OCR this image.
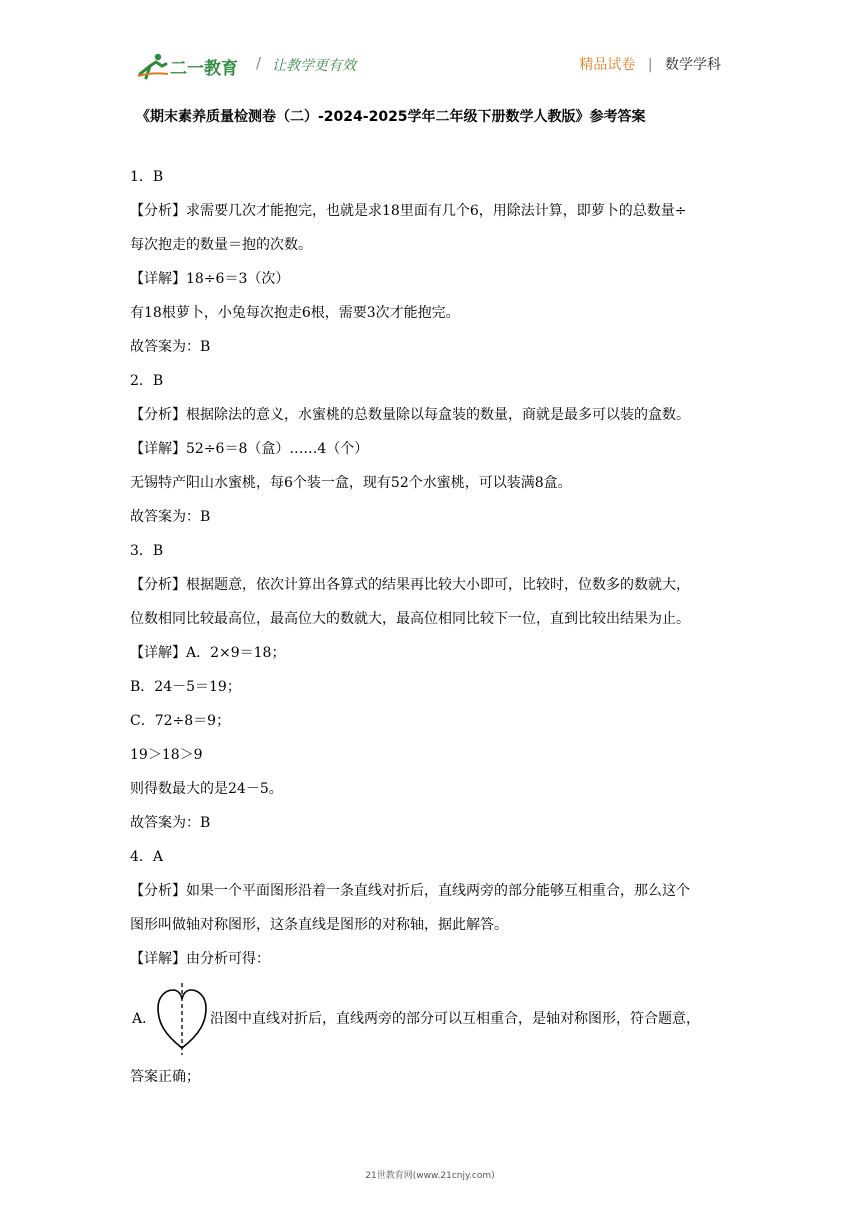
二一教育 / 让教学更有效	精品试卷 | 数学学科
《期末素养质量检测卷（二）-2024-2025学年二年级下册数学人教版》参考答案
1．B
【分析】求需要几次才能抱完，也就是求18里面有几个6，用除法计算，即萝卜的总数量÷
每次抱走的数量＝抱的次数。
【详解】18÷6＝3（次）
有18根萝卜，小兔每次抱走6根，需要3次才能抱完。
故答案为：B
2．B
【分析】根据除法的意义，水蜜桃的总数量除以每盒装的数量，商就是最多可以装的盒数。
【详解】52÷6＝8（盒）……4（个）
无锡特产阳山水蜜桃，每6个装一盒，现有52个水蜜桃，可以装满8盒。
故答案为：B
3．B
【分析】根据题意，依次计算出各算式的结果再比较大小即可，比较时，位数多的数就大，
位数相同比较最高位，最高位大的数就大，最高位相同比较下一位，直到比较出结果为止。
【详解】A．2×9＝18；
B．24－5＝19；
C．72÷8＝9；
19＞18＞9
则得数最大的是24－5。
故答案为：B
4．A
【分析】如果一个平面图形沿着一条直线对折后，直线两旁的部分能够互相重合，那么这个
图形叫做轴对称图形，这条直线是图形的对称轴，据此解答。
【详解】由分析可得：
A．	沿图中直线对折后，直线两旁的部分可以互相重合，是轴对称图形，符合题意，
答案正确；
21世教育网(www.21cnjy.com)
